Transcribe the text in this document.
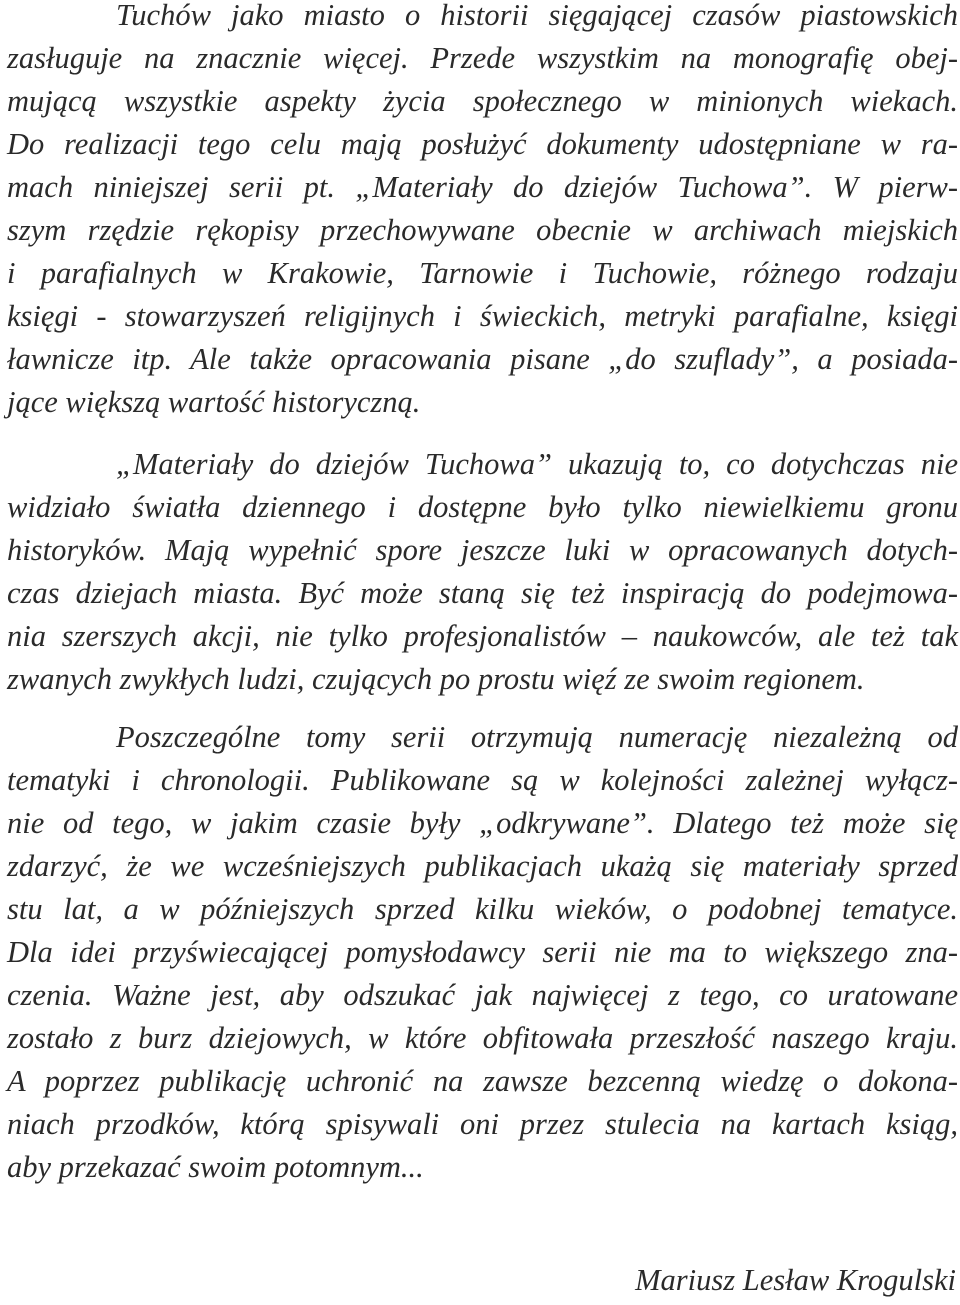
Tuchów jako miasto o historii sięgającej czasów piastowskich
zasługuje na znacznie więcej. Przede wszystkim na monografię obej-
mującą wszystkie aspekty życia społecznego w minionych wiekach.
Do realizacji tego celu mają posłużyć dokumenty udostępniane w ra-
mach niniejszej serii pt. „Materiały do dziejów Tuchowa”. W pierw-
szym rzędzie rękopisy przechowywane obecnie w archiwach miejskich
i parafialnych w Krakowie, Tarnowie i Tuchowie, różnego rodzaju
księgi - stowarzyszeń religijnych i świeckich, metryki parafialne, księgi
ławnicze itp. Ale także opracowania pisane „do szuflady”, a posiada-
jące większą wartość historyczną.
„Materiały do dziejów Tuchowa” ukazują to, co dotychczas nie
widziało światła dziennego i dostępne było tylko niewielkiemu gronu
historyków. Mają wypełnić spore jeszcze luki w opracowanych dotych-
czas dziejach miasta. Być może staną się też inspiracją do podejmowa-
nia szerszych akcji, nie tylko profesjonalistów – naukowców, ale też tak
zwanych zwykłych ludzi, czujących po prostu więź ze swoim regionem.
Poszczególne tomy serii otrzymują numerację niezależną od
tematyki i chronologii. Publikowane są w kolejności zależnej wyłącz-
nie od tego, w jakim czasie były „odkrywane”. Dlatego też może się
zdarzyć, że we wcześniejszych publikacjach ukażą się materiały sprzed
stu lat, a w późniejszych sprzed kilku wieków, o podobnej tematyce.
Dla idei przyświecającej pomysłodawcy serii nie ma to większego zna-
czenia. Ważne jest, aby odszukać jak najwięcej z tego, co uratowane
zostało z burz dziejowych, w które obfitowała przeszłość naszego kraju.
A poprzez publikację uchronić na zawsze bezcenną wiedzę o dokona-
niach przodków, którą spisywali oni przez stulecia na kartach ksiąg,
aby przekazać swoim potomnym...
Mariusz Lesław Krogulski
